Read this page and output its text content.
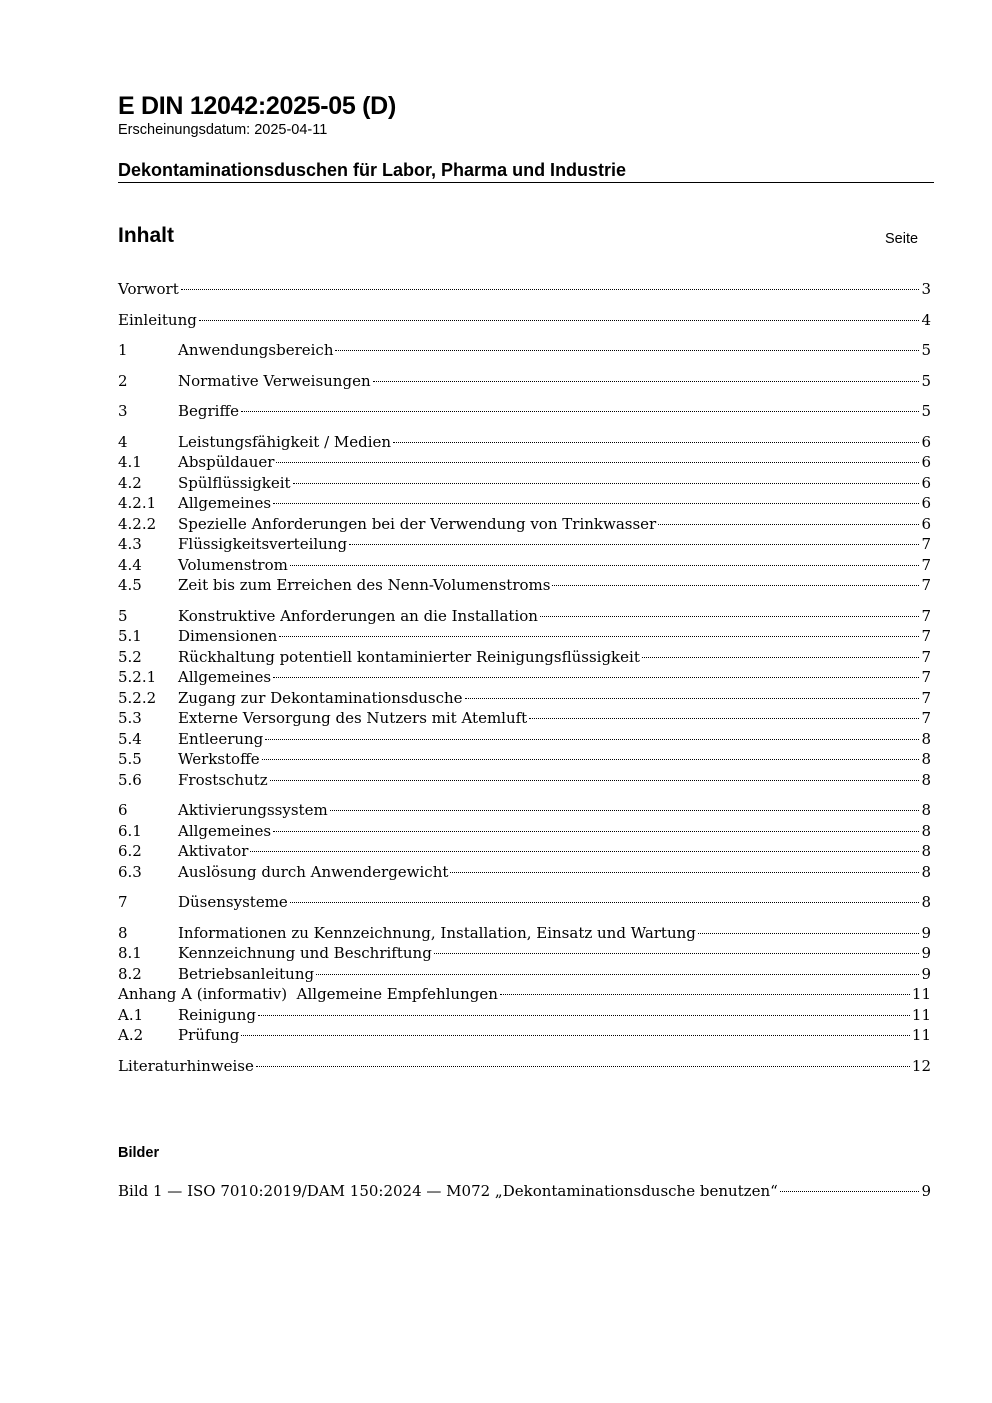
E DIN 12042:2025-05 (D)

Erscheinungsdatum: 2025-04-11

Dekontaminationsduschen für Labor, Pharma und Industrie
Inhalt	Seite
Vorwort	3
Einleitung	4
1	Anwendungsbereich	5
2	Normative Verweisungen	5
3	Begriffe	5
4	Leistungsfähigkeit / Medien	6
4.1	Abspüldauer	6
4.2	Spülflüssigkeit	6
4.2.1	Allgemeines	6
4.2.2	Spezielle Anforderungen bei der Verwendung von Trinkwasser	6
4.3	Flüssigkeitsverteilung	7
4.4	Volumenstrom	7
4.5	Zeit bis zum Erreichen des Nenn-Volumenstroms	7
5	Konstruktive Anforderungen an die Installation	7
5.1	Dimensionen	7
5.2	Rückhaltung potentiell kontaminierter Reinigungsflüssigkeit	7
5.2.1	Allgemeines	7
5.2.2	Zugang zur Dekontaminationsdusche	7
5.3	Externe Versorgung des Nutzers mit Atemluft	7
5.4	Entleerung	8
5.5	Werkstoffe	8
5.6	Frostschutz	8
6	Aktivierungssystem	8
6.1	Allgemeines	8
6.2	Aktivator	8
6.3	Auslösung durch Anwendergewicht	8
7	Düsensysteme	8
8	Informationen zu Kennzeichnung, Installation, Einsatz und Wartung	9
8.1	Kennzeichnung und Beschriftung	9
8.2	Betriebsanleitung	9
Anhang A (informativ)  Allgemeine Empfehlungen	11
A.1	Reinigung	11
A.2	Prüfung	11
Literaturhinweise	12
Bilder
Bild 1 — ISO 7010:2019/DAM 150:2024 — M072 „Dekontaminationsdusche benutzen“	9
